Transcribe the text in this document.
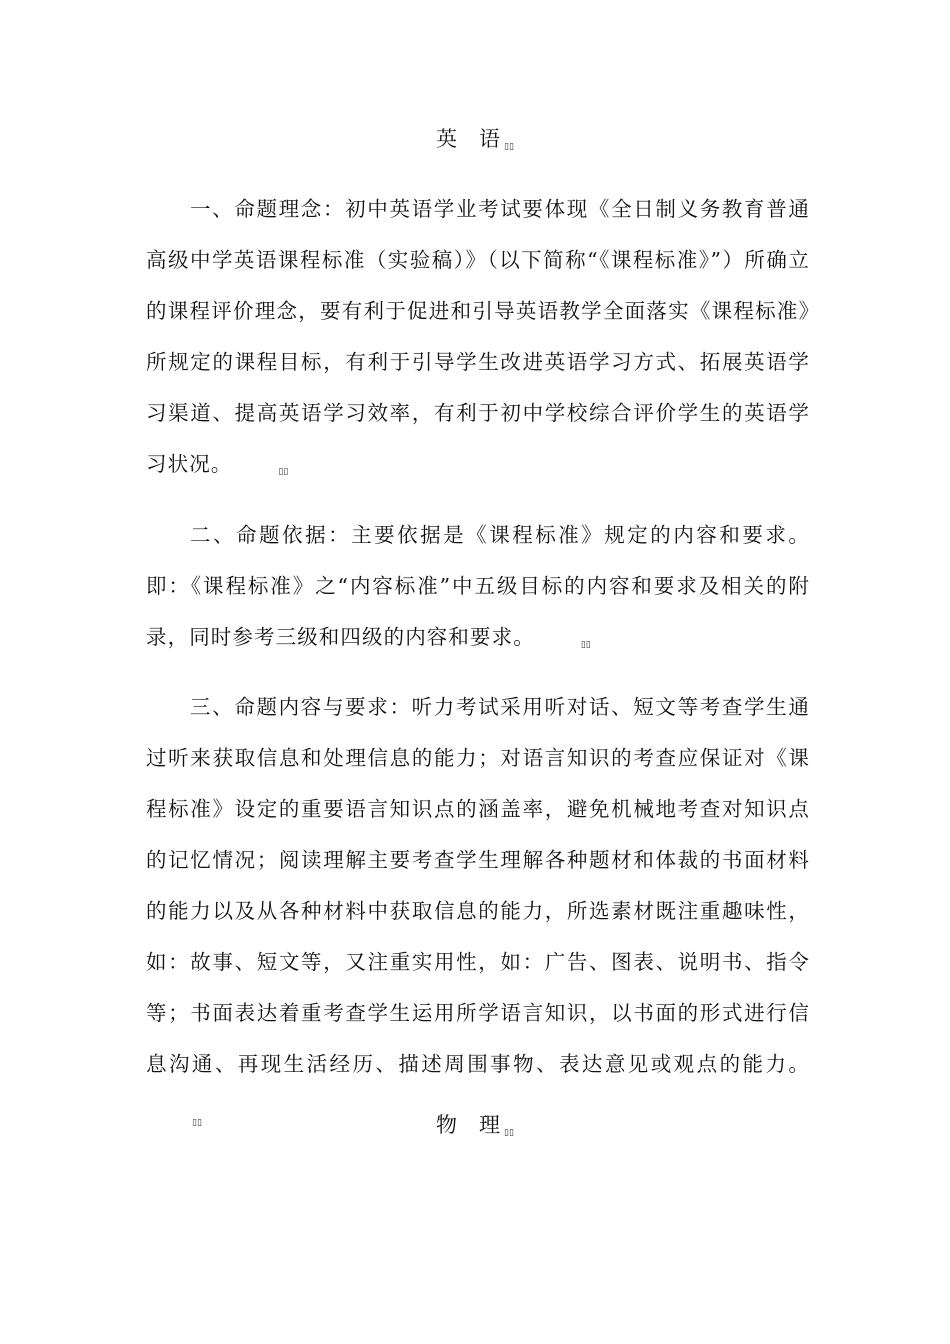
英 语 ▯▯

一、命题理念：初中英语学业考试要体现《全日制义务教育普通高级中学英语课程标准（实验稿）》（以下简称“《课程标准》”）所确立的课程评价理念，要有利于促进和引导英语教学全面落实《课程标准》所规定的课程目标，有利于引导学生改进英语学习方式、拓展英语学习渠道、提高英语学习效率，有利于初中学校综合评价学生的英语学习状况。	▯▯

二、命题依据：主要依据是《课程标准》规定的内容和要求。即：《课程标准》之“内容标准”中五级目标的内容和要求及相关的附录，同时参考三级和四级的内容和要求。	▯▯

三、命题内容与要求：听力考试采用听对话、短文等考查学生通过听来获取信息和处理信息的能力；对语言知识的考查应保证对《课程标准》设定的重要语言知识点的涵盖率，避免机械地考查对知识点的记忆情况；阅读理解主要考查学生理解各种题材和体裁的书面材料的能力以及从各种材料中获取信息的能力，所选素材既注重趣味性，如：故事、短文等，又注重实用性，如：广告、图表、说明书、指令等；书面表达着重考查学生运用所学语言知识，以书面的形式进行信息沟通、再现生活经历、描述周围事物、表达意见或观点的能力。▯▯	物 理 ▯▯
